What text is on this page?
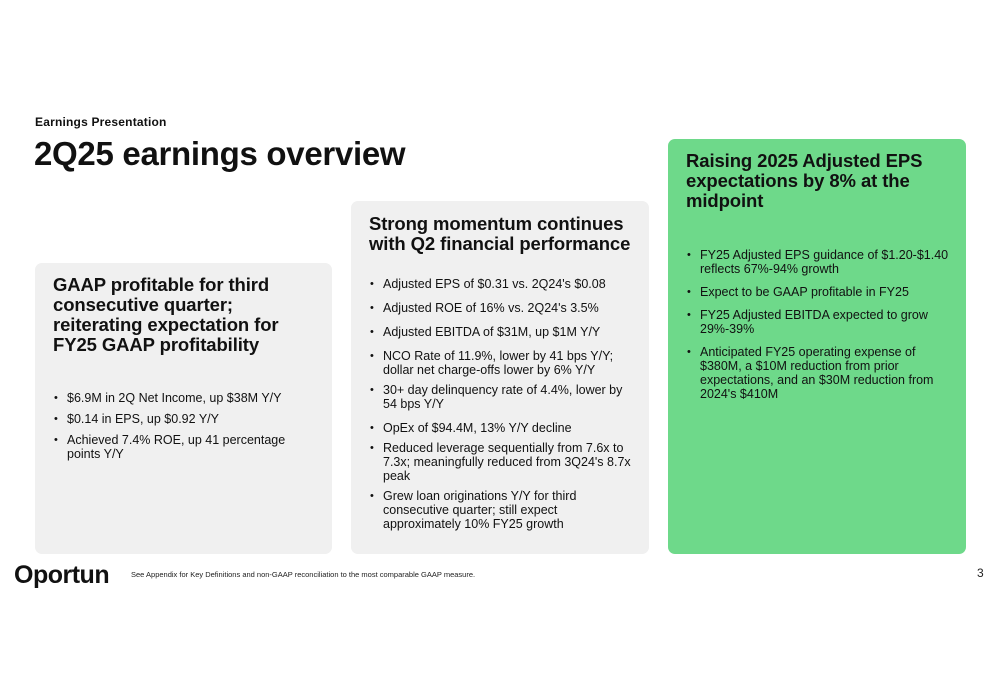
Earnings Presentation
2Q25 earnings overview
GAAP profitable for third consecutive quarter; reiterating expectation for FY25 GAAP profitability
• $6.9M in 2Q Net Income, up $38M Y/Y
• $0.14 in EPS, up $0.92 Y/Y
• Achieved 7.4% ROE, up 41 percentage points Y/Y
Strong momentum continues with Q2 financial performance
• Adjusted EPS of $0.31 vs. 2Q24's $0.08
• Adjusted ROE of 16% vs. 2Q24's 3.5%
• Adjusted EBITDA of $31M, up $1M Y/Y
• NCO Rate of 11.9%, lower by 41 bps Y/Y; dollar net charge-offs lower by 6% Y/Y
• 30+ day delinquency rate of 4.4%, lower by 54 bps Y/Y
• OpEx of $94.4M, 13% Y/Y decline
• Reduced leverage sequentially from 7.6x to 7.3x; meaningfully reduced from 3Q24's 8.7x peak
• Grew loan originations Y/Y for third consecutive quarter; still expect approximately 10% FY25 growth
Raising 2025 Adjusted EPS expectations by 8% at the midpoint
• FY25 Adjusted EPS guidance of $1.20-$1.40 reflects 67%-94% growth
• Expect to be GAAP profitable in FY25
• FY25 Adjusted EBITDA expected to grow 29%-39%
• Anticipated FY25 operating expense of $380M, a $10M reduction from prior expectations, and an $30M reduction from 2024's $410M
Oportun	See Appendix for Key Definitions and non-GAAP reconciliation to the most comparable GAAP measure.	3
